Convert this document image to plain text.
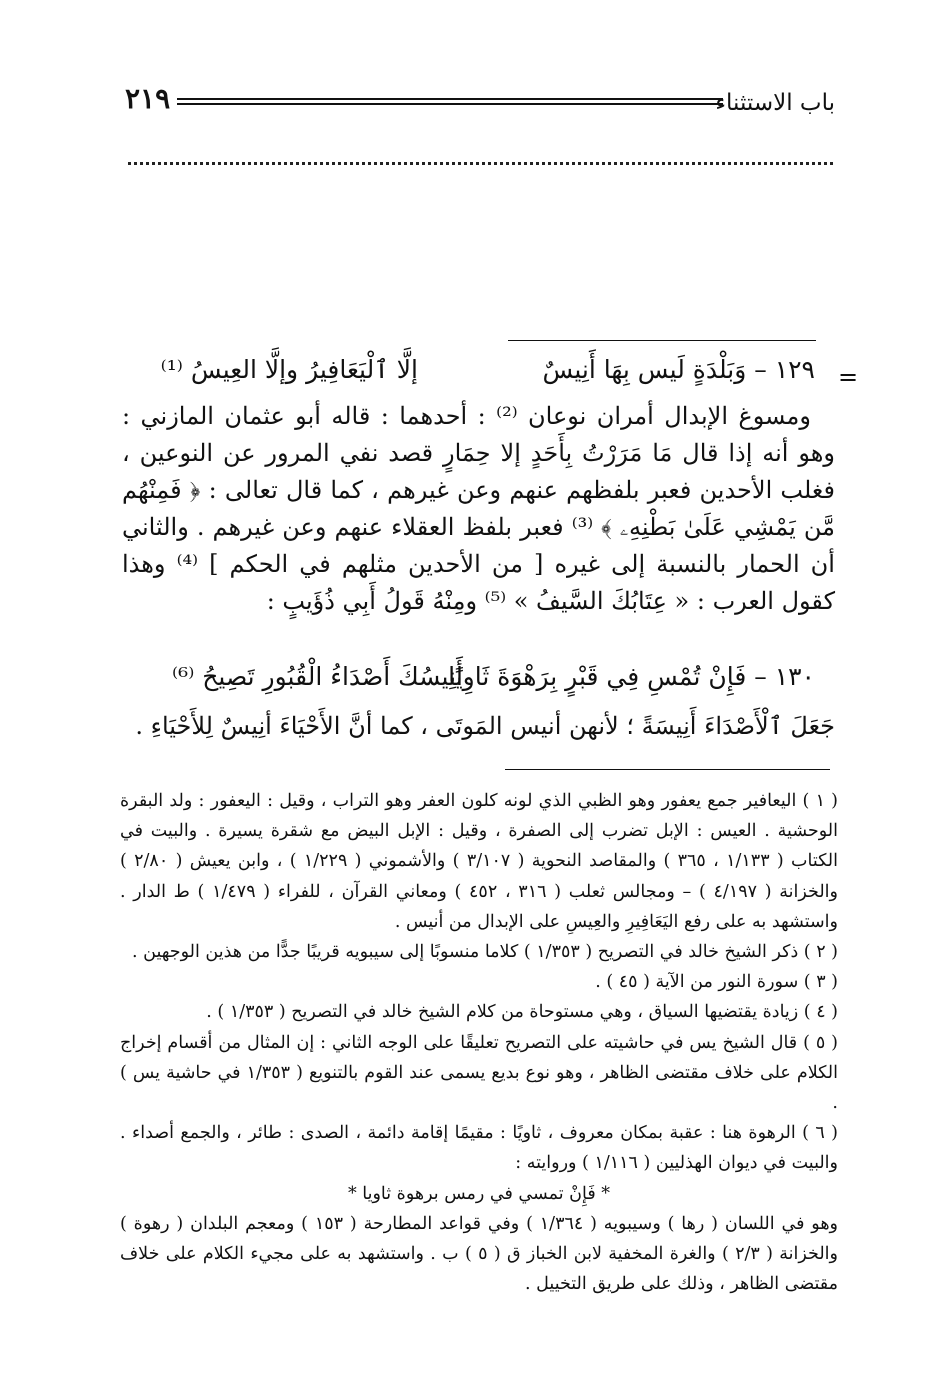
باب الاستثناء
٢١٩
=
١٢٩ – وَبَلْدَةٍ لَيس بِهَا أَنِيسٌ
إلَّا ٱلْيَعَافِيرُ وإلَّا العِيسُ ⁽¹⁾

ومسوغ الإبدال أمران نوعان ⁽²⁾ : أحدهما : قاله أبو عثمان المازني : وهو أنه إذا قال مَا مَرَرْتُ بِأَحَدٍ إلا حِمَارٍ قصد نفي المرور عن النوعين ، فغلب الأحدين فعبر بلفظهم عنهم وعن غيرهم ، كما قال تعالى : ﴿ فَمِنْهُم مَّن يَمْشِي عَلَىٰ بَطْنِهِۦ ﴾ ⁽³⁾ فعبر بلفظ العقلاء عنهم وعن غيرهم . والثاني أن الحمار بالنسبة إلى غيره [ من الأحدين مثلهم في الحكم ] ⁽⁴⁾ وهذا كقول العرب : « عِتَابُكَ السَّيفُ » ⁽⁵⁾ ومِنْهُ قَولُ أَبِي ذُؤَيبٍ :

١٣٠ – فَإِنْ تُمْسِ فِي قَبْرٍ بِرَهْوَةَ ثَاوِيًا
أَنِيسُكَ أَصْدَاءُ الْقُبُورِ تَصِيحُ ⁽⁶⁾
جَعَلَ ٱلْأَصْدَاءَ أَنِيسَةً ؛ لأنهن أنيس المَوتَى ، كما أنَّ الأَحْيَاءَ أنِيسٌ لِلأَحْيَاءِ .

( ١ ) اليعافير جمع يعفور وهو الظبي الذي لونه كلون العفر وهو التراب ، وقيل : اليعفور : ولد البقرة الوحشية . العيس : الإبل تضرب إلى الصفرة ، وقيل : الإبل البيض مع شقرة يسيرة . والبيت في الكتاب ( ١/١٣٣ ، ٣٦٥ ) والمقاصد النحوية ( ٣/١٠٧ ) والأشموني ( ١/٢٢٩ ) ، وابن يعيش ( ٢/٨٠ ) والخزانة ( ٤/١٩٧ ) – ومجالس ثعلب ( ٣١٦ ، ٤٥٢ ) ومعاني القرآن ، للفراء ( ١/٤٧٩ ) ط الدار . واستشهد به على رفع اليَعَافِيرِ والعِيسِ على الإبدال من أنيس .

( ٢ ) ذكر الشيخ خالد في التصريح ( ١/٣٥٣ ) كلاما منسوبًا إلى سيبويه قريبًا جدًّا من هذين الوجهين .

( ٣ ) سورة النور من الآية ( ٤٥ ) .

( ٤ ) زيادة يقتضيها السياق ، وهي مستوحاة من كلام الشيخ خالد في التصريح ( ١/٣٥٣ ) .

( ٥ ) قال الشيخ يس في حاشيته على التصريح تعليقًا على الوجه الثاني : إن المثال من أقسام إخراج الكلام على خلاف مقتضى الظاهر ، وهو نوع بديع يسمى عند القوم بالتنويع ( ١/٣٥٣ في حاشية يس ) .

( ٦ ) الرهوة هنا : عقبة بمكان معروف ، ثاويًا : مقيمًا إقامة دائمة ، الصدى : طائر ، والجمع أصداء . والبيت في ديوان الهذليين ( ١/١١٦ ) وروايته :

* فَإِنْ تمسي في رمس برهوة ثاويا *

وهو في اللسان ( رها ) وسيبويه ( ١/٣٦٤ ) وفي قواعد المطارحة ( ١٥٣ ) ومعجم البلدان ( رهوة ) والخزانة ( ٢/٣ ) والغرة المخفية لابن الخباز ق ( ٥ ) ب . واستشهد به على مجيء الكلام على خلاف مقتضى الظاهر ، وذلك على طريق التخييل .
